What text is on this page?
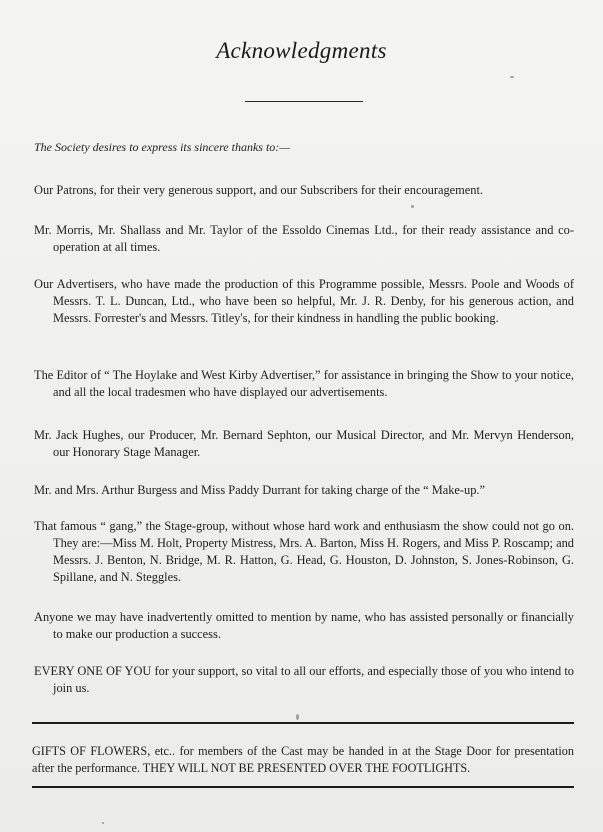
Acknowledgments
The Society desires to express its sincere thanks to:—
Our Patrons, for their very generous support, and our Subscribers for their encouragement.
Mr. Morris, Mr. Shallass and Mr. Taylor of the Essoldo Cinemas Ltd., for their ready assistance and co-operation at all times.
Our Advertisers, who have made the production of this Programme possible, Messrs. Poole and Woods of Messrs. T. L. Duncan, Ltd., who have been so helpful, Mr. J. R. Denby, for his generous action, and Messrs. Forrester's and Messrs. Titley's, for their kindness in handling the public booking.
The Editor of “ The Hoylake and West Kirby Advertiser,” for assistance in bringing the Show to your notice, and all the local tradesmen who have displayed our advertisements.
Mr. Jack Hughes, our Producer, Mr. Bernard Sephton, our Musical Director, and Mr. Mervyn Henderson, our Honorary Stage Manager.
Mr. and Mrs. Arthur Burgess and Miss Paddy Durrant for taking charge of the “ Make-up.”
That famous “ gang,” the Stage-group, without whose hard work and enthusiasm the show could not go on. They are:—Miss M. Holt, Property Mistress, Mrs. A. Barton, Miss H. Rogers, and Miss P. Roscamp; and Messrs. J. Benton, N. Bridge, M. R. Hatton, G. Head, G. Houston, D. Johnston, S. Jones-Robinson, G. Spillane, and N. Steggles.
Anyone we may have inadvertently omitted to mention by name, who has assisted personally or financially to make our production a success.
EVERY ONE OF YOU for your support, so vital to all our efforts, and especially those of you who intend to join us.
GIFTS OF FLOWERS, etc.. for members of the Cast may be handed in at the Stage Door for presentation after the performance. THEY WILL NOT BE PRESENTED OVER THE FOOTLIGHTS.
